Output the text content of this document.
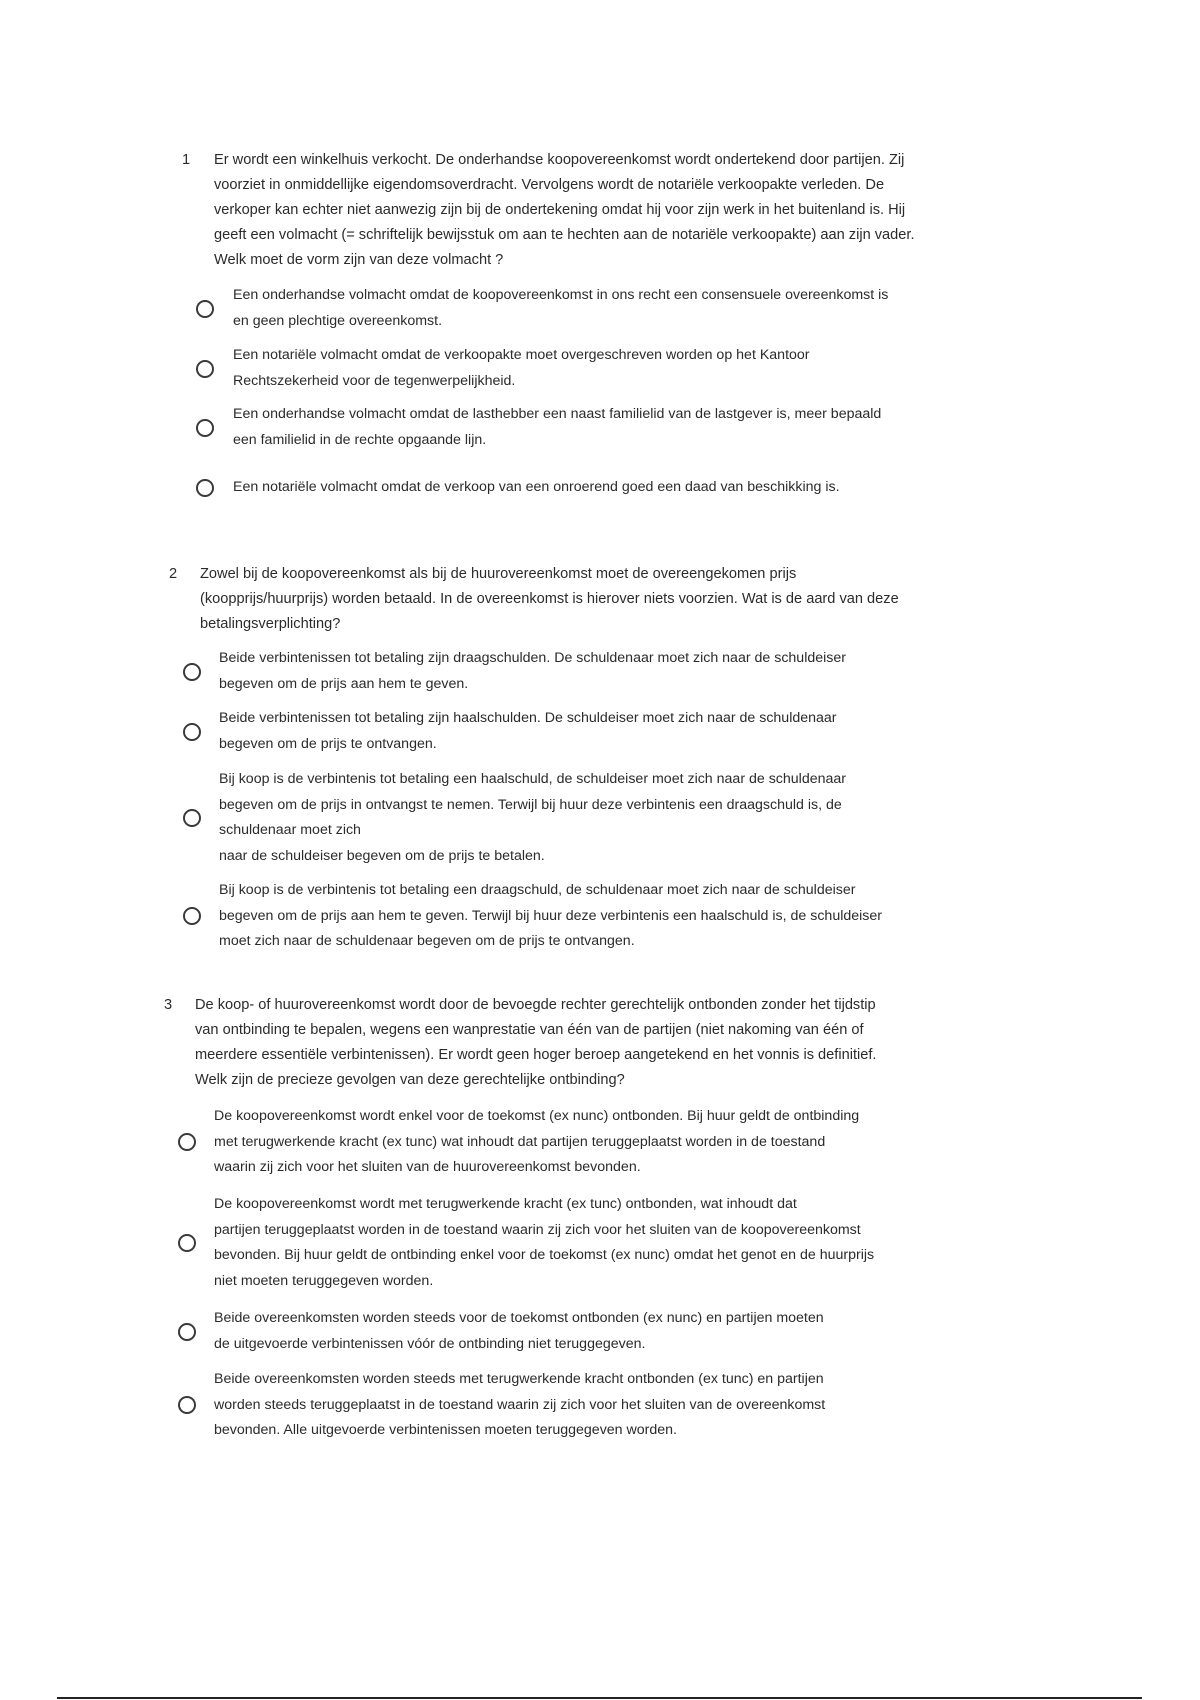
1 Er wordt een winkelhuis verkocht. De onderhandse koopovereenkomst wordt ondertekend door partijen. Zij
voorziet in onmiddellijke eigendomsoverdracht. Vervolgens wordt de notariële verkoopakte verleden. De
verkoper kan echter niet aanwezig zijn bij de ondertekening omdat hij voor zijn werk in het buitenland is. Hij
geeft een volmacht (= schriftelijk bewijsstuk om aan te hechten aan de notariële verkoopakte) aan zijn vader.
Welk moet de vorm zijn van deze volmacht ?
Een onderhandse volmacht omdat de koopovereenkomst in ons recht een consensuele overeenkomst is
en geen plechtige overeenkomst.
Een notariële volmacht omdat de verkoopakte moet overgeschreven worden op het Kantoor
Rechtszekerheid voor de tegenwerpelijkheid.
Een onderhandse volmacht omdat de lasthebber een naast familielid van de lastgever is, meer bepaald
een familielid in de rechte opgaande lijn.
Een notariële volmacht omdat de verkoop van een onroerend goed een daad van beschikking is.
2 Zowel bij de koopovereenkomst als bij de huurovereenkomst moet de overeengekomen prijs
(koopprijs/huurprijs) worden betaald. In de overeenkomst is hierover niets voorzien. Wat is de aard van deze
betalingsverplichting?
Beide verbintenissen tot betaling zijn draagschulden. De schuldenaar moet zich naar de schuldeiser
begeven om de prijs aan hem te geven.
Beide verbintenissen tot betaling zijn haalschulden. De schuldeiser moet zich naar de schuldenaar
begeven om de prijs te ontvangen.
Bij koop is de verbintenis tot betaling een haalschuld, de schuldeiser moet zich naar de schuldenaar
begeven om de prijs in ontvangst te nemen. Terwijl bij huur deze verbintenis een draagschuld is, de
schuldenaar moet zich
naar de schuldeiser begeven om de prijs te betalen.
Bij koop is de verbintenis tot betaling een draagschuld, de schuldenaar moet zich naar de schuldeiser
begeven om de prijs aan hem te geven. Terwijl bij huur deze verbintenis een haalschuld is, de schuldeiser
moet zich naar de schuldenaar begeven om de prijs te ontvangen.
3 De koop- of huurovereenkomst wordt door de bevoegde rechter gerechtelijk ontbonden zonder het tijdstip
van ontbinding te bepalen, wegens een wanprestatie van één van de partijen (niet nakoming van één of
meerdere essentiële verbintenissen). Er wordt geen hoger beroep aangetekend en het vonnis is definitief.
Welk zijn de precieze gevolgen van deze gerechtelijke ontbinding?
De koopovereenkomst wordt enkel voor de toekomst (ex nunc) ontbonden. Bij huur geldt de ontbinding
met terugwerkende kracht (ex tunc) wat inhoudt dat partijen teruggeplaatst worden in de toestand
waarin zij zich voor het sluiten van de huurovereenkomst bevonden.
De koopovereenkomst wordt met terugwerkende kracht (ex tunc) ontbonden, wat inhoudt dat
partijen teruggeplaatst worden in de toestand waarin zij zich voor het sluiten van de koopovereenkomst
bevonden. Bij huur geldt de ontbinding enkel voor de toekomst (ex nunc) omdat het genot en de huurprijs
niet moeten teruggegeven worden.
Beide overeenkomsten worden steeds voor de toekomst ontbonden (ex nunc) en partijen moeten
de uitgevoerde verbintenissen vóór de ontbinding niet teruggegeven.
Beide overeenkomsten worden steeds met terugwerkende kracht ontbonden (ex tunc) en partijen
worden steeds teruggeplaatst in de toestand waarin zij zich voor het sluiten van de overeenkomst
bevonden. Alle uitgevoerde verbintenissen moeten teruggegeven worden.
